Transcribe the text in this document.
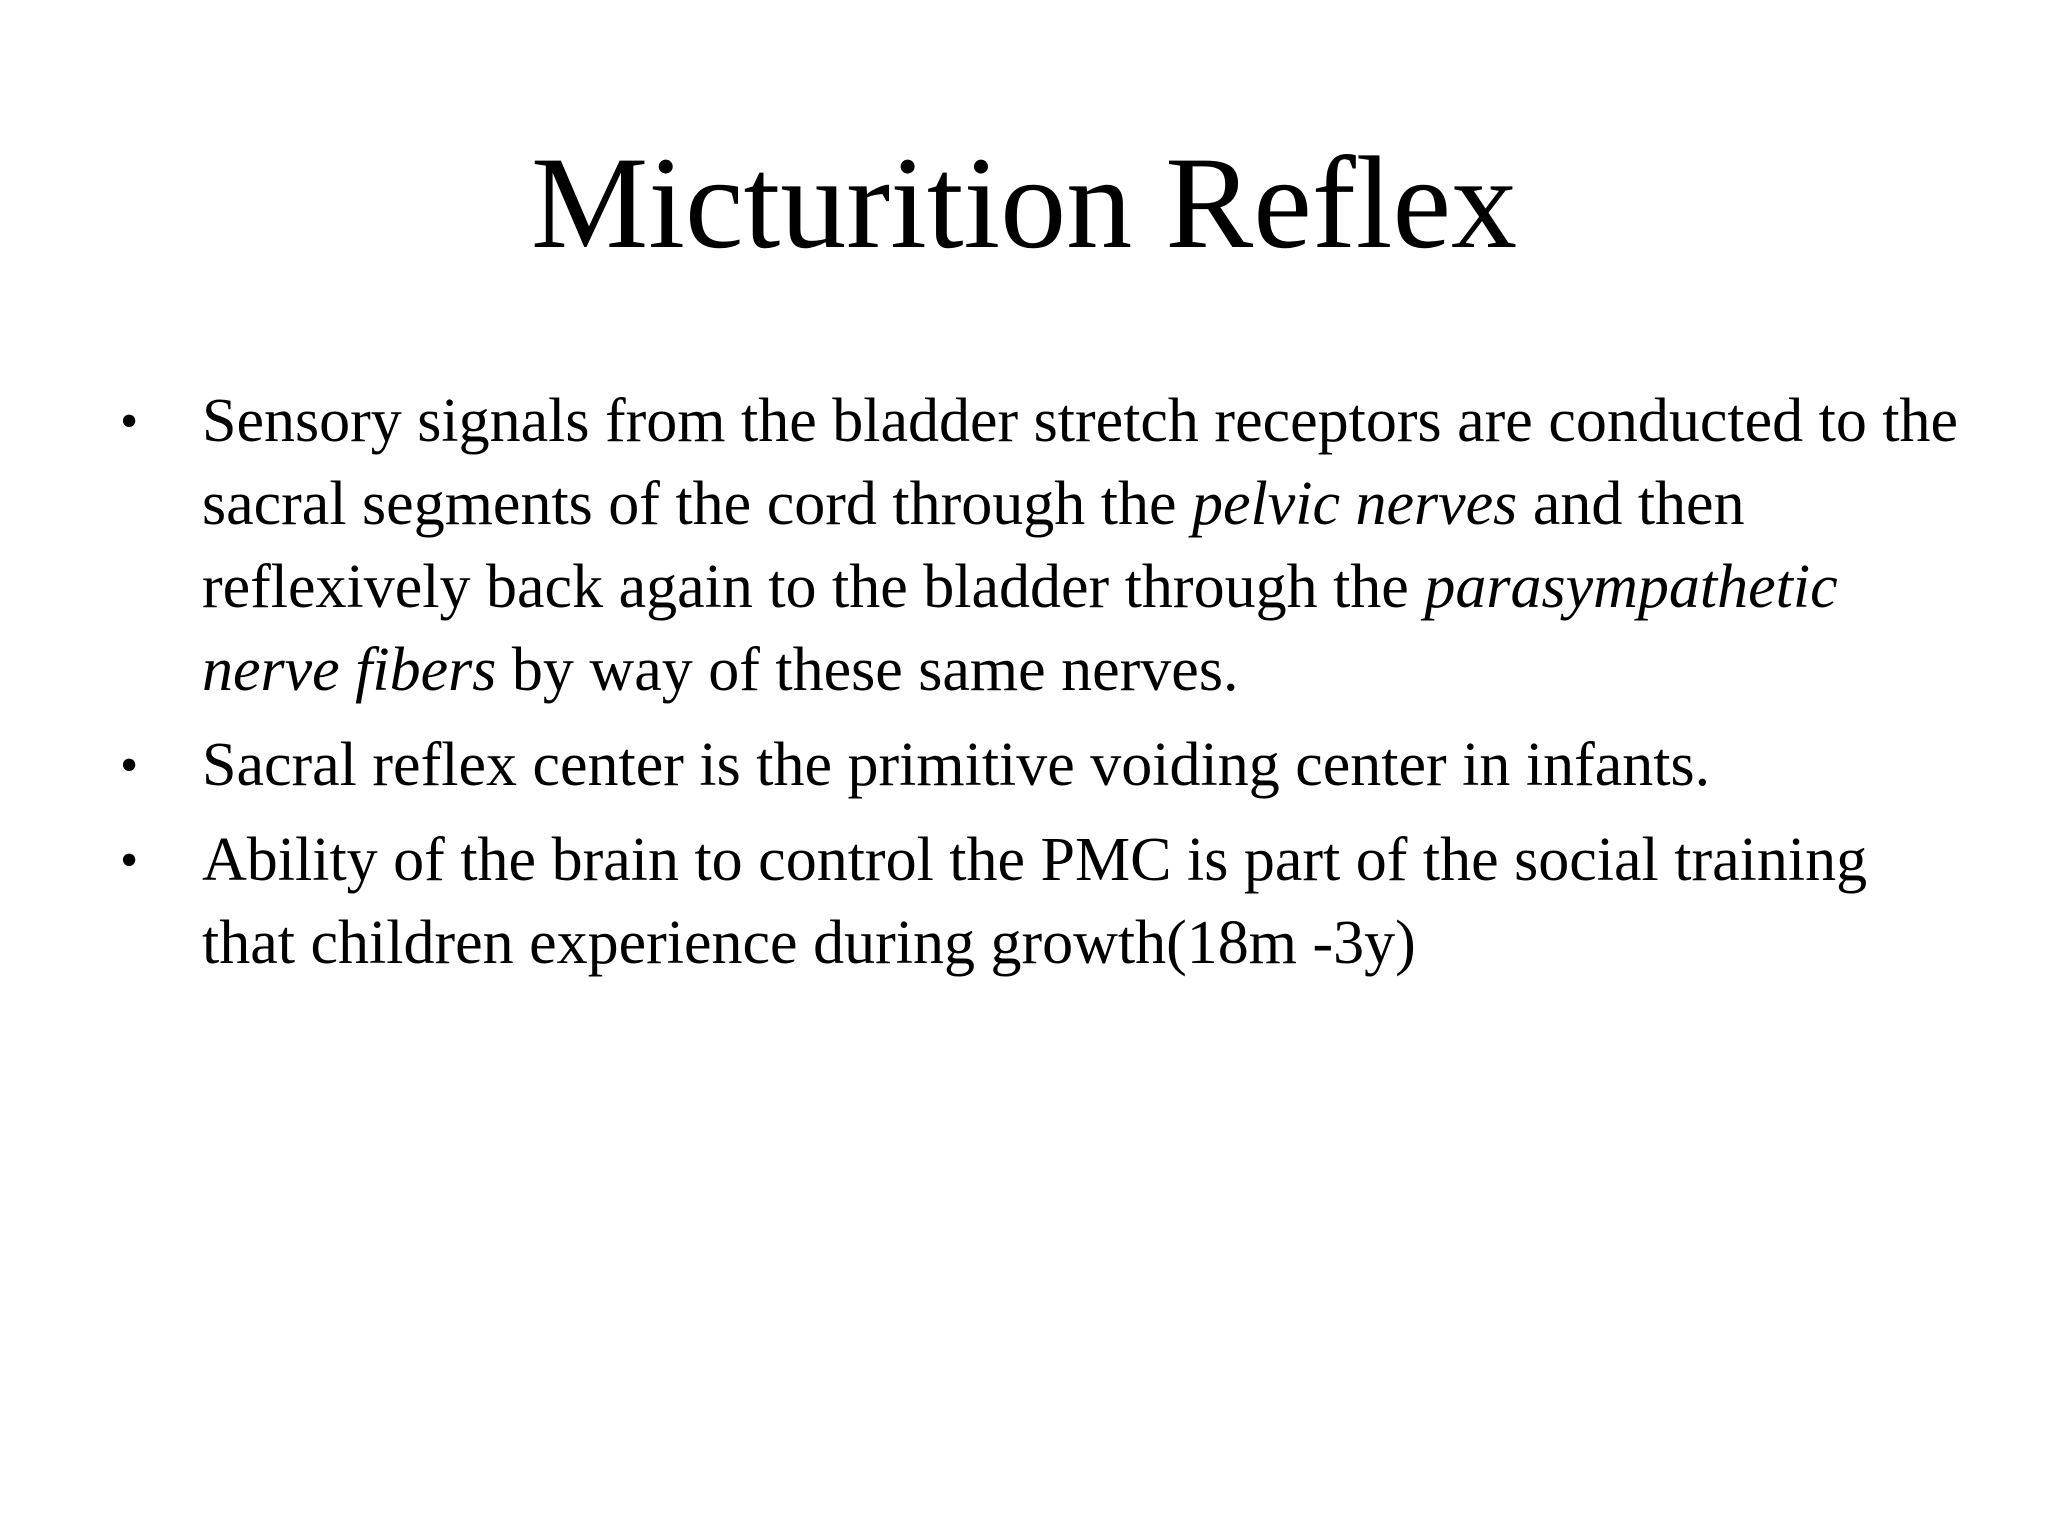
Micturition Reflex
•	Sensory signals from the bladder stretch receptors are conducted to the sacral segments of the cord through the pelvic nerves and then reflexively back again to the bladder through the parasympathetic nerve fibers by way of these same nerves.
•	Sacral reflex center is the primitive voiding center in infants.
•	Ability of the brain to control the PMC is part of the social training that children experience during growth(18m -3y)
